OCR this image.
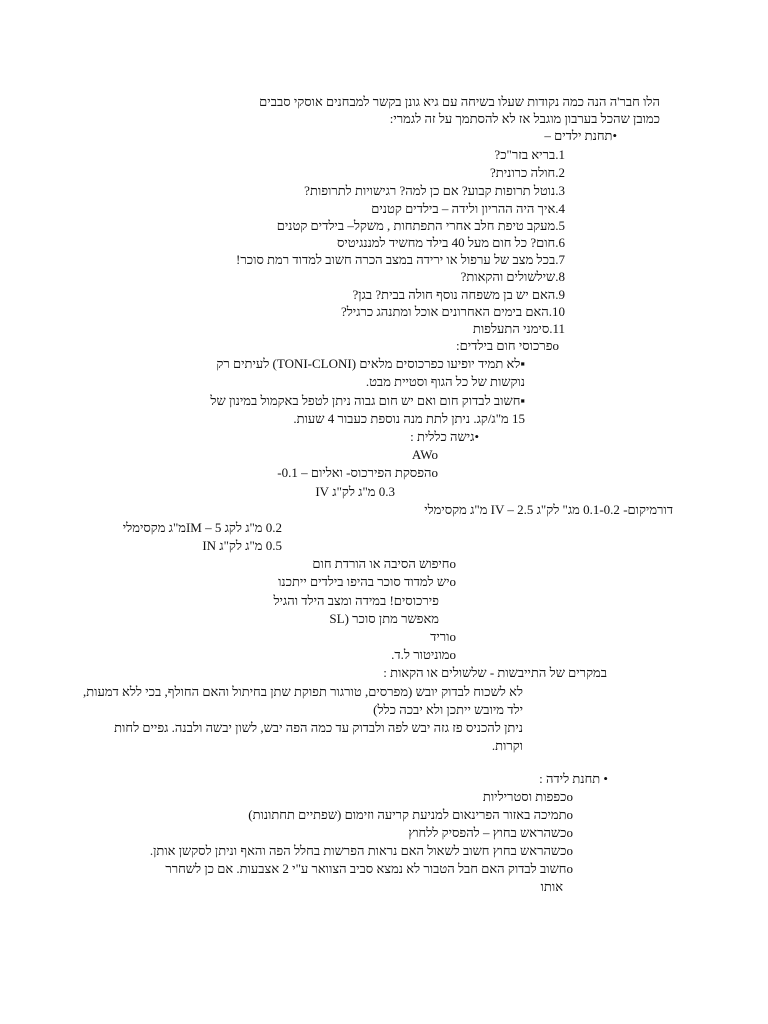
הלו חבר'ה הנה כמה נקודות שעלו בשיחה עם גיא גונן בקשר למבחנים אוסקי סבבים
כמובן שהכל בערבון מוגבל אז לא להסתמך על זה לגמרי:
•תחנת ילדים –
1.בריא בזר"כ?
2.חולה כרונית?
3.נוטל תרופות קבוע? אם כן למה? רגישויות לתרופות?
4.איך היה ההריון ולידה – בילדים קטנים
5.מעקב טיפת חלב אחרי התפתחות , משקל– בילדים קטנים
6.חום? כל חום מעל 40 בילד מחשיד למננגיטיס
7.בכל מצב של ערפול או ירידה במצב הכרה חשוב למדוד רמת סוכר!
8.שילשולים והקאות?
9.האם יש בן משפחה נוסף חולה בבית? בגן?
10.האם בימים האחרונים אוכל ומתנהג כרגיל?
11.סימני התעלפות
oפרכוסי חום בילדים:
▪לא תמיד יופיעו כפרכוסים מלאים (TONI-CLONI) לעיתים רק
נוקשות של כל הגוף וסטיית מבט.
▪חשוב לבדוק חום ואם יש חום גבוה ניתן לטפל באקמול במינון של
15 מ"ג/קג. ניתן לתת מנה נוספת כעבור 4 שעות.
•גישה כללית :
AWo
oהפסקת הפירכוס- ואליום – 0.1-
0.3 מ"ג לק"ג IV
דורמיקום- 0.1-0.2 מג" לק"ג IV – 2.5 מ"ג מקסימלי
0.2 מ"ג לקג IM – 5מ"ג מקסימלי
0.5 מ"ג לק"ג IN
oחיפוש הסיבה או הורדת חום
oיש למדוד סוכר בהיפו בילדים ייתכנו
פירכוסים! במידה ומצב הילד והגיל
מאפשר מתן סוכר (SL
oוריד
oמוניטור ל.ד.
במקרים של התייבשות - שלשולים או הקאות :
לא לשכוח לבדוק יובש (מפרסים, טורגור תפוקת שתן בחיתול והאם החולף, בכי ללא דמעות,
ילד מיובש ייתכן ולא יבכה כלל)
ניתן להכניס פז גזה יבש לפה ולבדוק עד כמה הפה יבש, לשון יבשה ולבנה. גפיים לחות
וקרות.
• תחנת לידה :
oכפפות וסטריליות
oתמיכה באזור הפרינאום למניעת קריעה וזימום (שפתיים תחתונות)
oכשהראש בחוץ – להפסיק ללחוץ
oכשהראש בחוץ חשוב לשאול האם נראות הפרשות בחלל הפה והאף וניתן לסקשן אותן.
oחשוב לבדוק האם חבל הטבור לא נמצא סביב הצוואר ע"י 2 אצבעות. אם כן לשחרר
אותו
